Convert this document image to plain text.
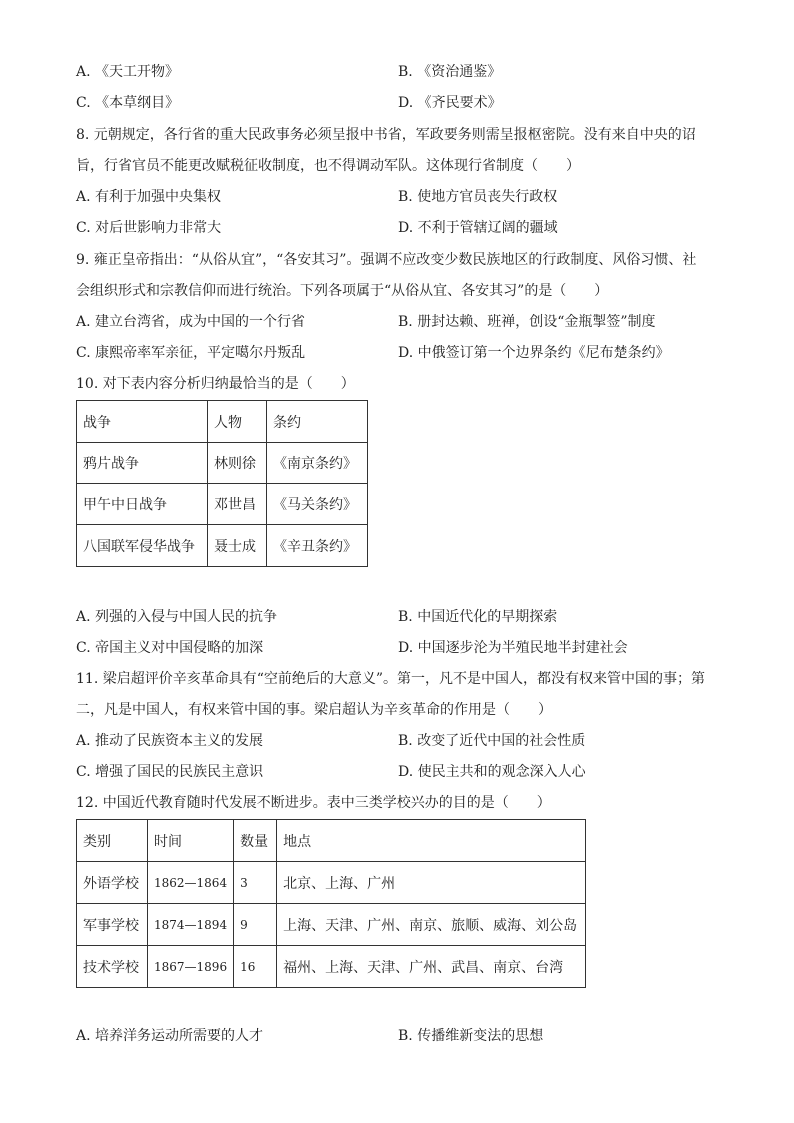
A. 《天工开物》	B. 《资治通鉴》
C. 《本草纲目》	D. 《齐民要术》
8. 元朝规定，各行省的重大民政事务必须呈报中书省，军政要务则需呈报枢密院。没有来自中央的诏
旨，行省官员不能更改赋税征收制度，也不得调动军队。这体现行省制度（　　）
A. 有利于加强中央集权	B. 使地方官员丧失行政权
C. 对后世影响力非常大	D. 不利于管辖辽阔的疆域
9. 雍正皇帝指出：“从俗从宜”，“各安其习”。强调不应改变少数民族地区的行政制度、风俗习惯、社
会组织形式和宗教信仰而进行统治。下列各项属于“从俗从宜、各安其习”的是（　　）
A. 建立台湾省，成为中国的一个行省	B. 册封达赖、班禅，创设“金瓶掣签”制度
C. 康熙帝率军亲征，平定噶尔丹叛乱	D. 中俄签订第一个边界条约《尼布楚条约》
10. 对下表内容分析归纳最恰当的是（　　）
战争	人物	条约
鸦片战争	林则徐	《南京条约》
甲午中日战争	邓世昌	《马关条约》
八国联军侵华战争	聂士成	《辛丑条约》
A. 列强的入侵与中国人民的抗争	B. 中国近代化的早期探索
C. 帝国主义对中国侵略的加深	D. 中国逐步沦为半殖民地半封建社会
11. 梁启超评价辛亥革命具有“空前绝后的大意义”。第一，凡不是中国人，都没有权来管中国的事；第
二，凡是中国人，有权来管中国的事。梁启超认为辛亥革命的作用是（　　）
A. 推动了民族资本主义的发展	B. 改变了近代中国的社会性质
C. 增强了国民的民族民主意识	D. 使民主共和的观念深入人心
12. 中国近代教育随时代发展不断进步。表中三类学校兴办的目的是（　　）
类别	时间	数量	地点
外语学校	1862—1864	3	北京、上海、广州
军事学校	1874—1894	9	上海、天津、广州、南京、旅顺、威海、刘公岛
技术学校	1867—1896	16	福州、上海、天津、广州、武昌、南京、台湾
A. 培养洋务运动所需要的人才	B. 传播维新变法的思想
